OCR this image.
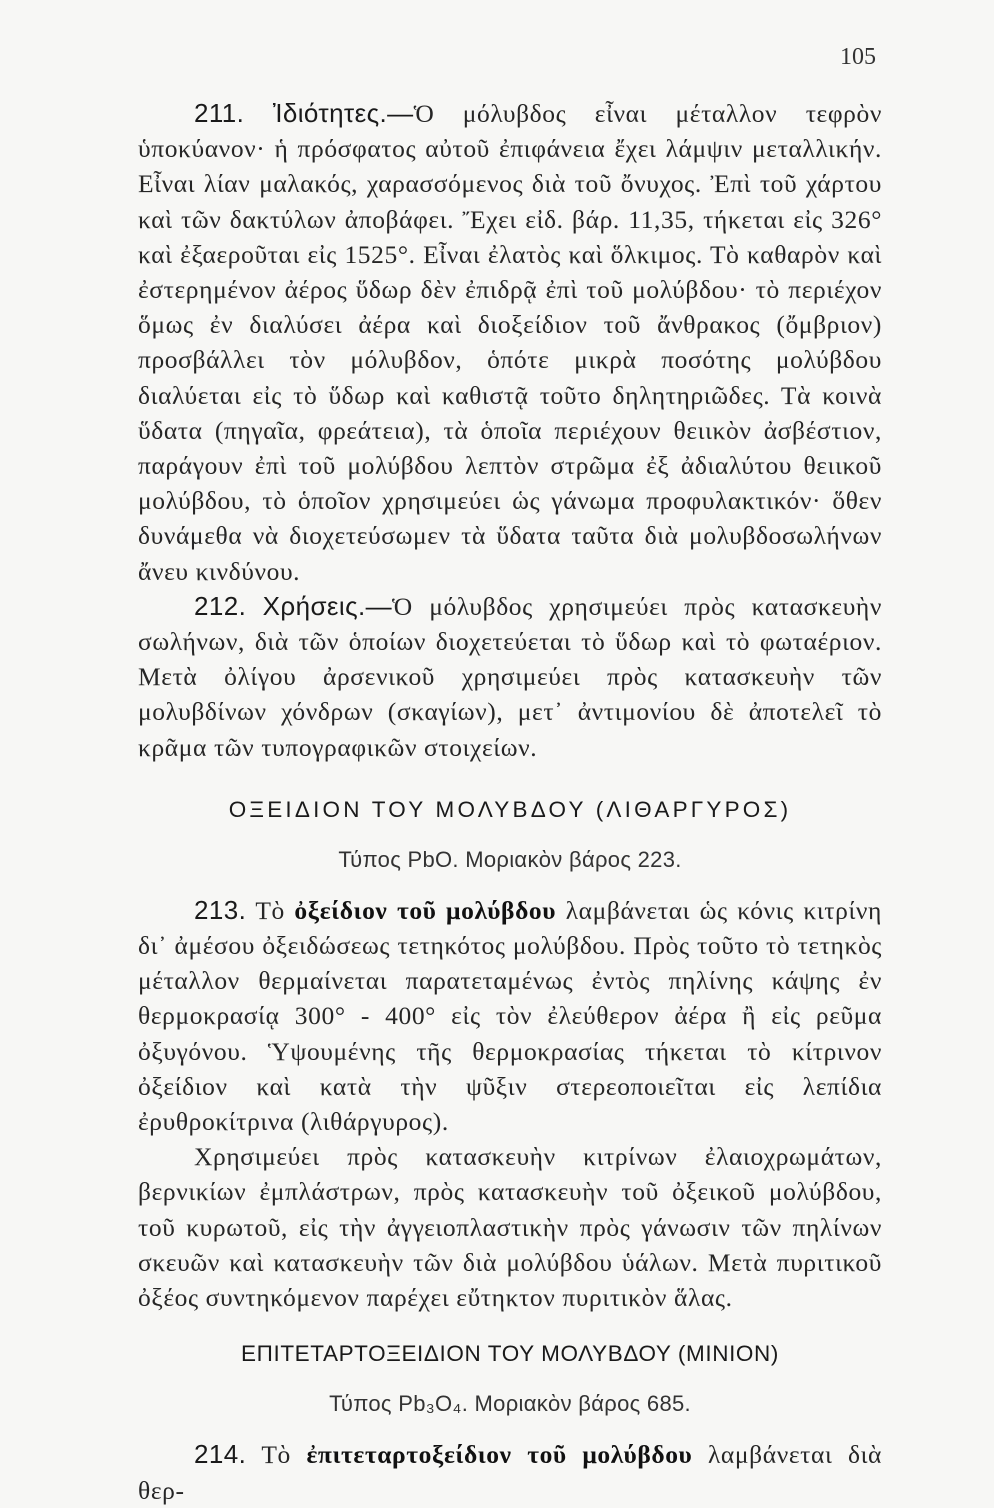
105

211. Ἰδιότητες.—Ὁ μόλυβδος εἶναι μέταλλον τεφρὸν ὑποκύανον· ἡ πρόσφατος αὐτοῦ ἐπιφάνεια ἔχει λάμψιν μεταλλικήν. Εἶναι λίαν μαλακός, χαρασσόμενος διὰ τοῦ ὄνυχος. Ἐπὶ τοῦ χάρτου καὶ τῶν δακτύλων ἀποβάφει. Ἔχει εἰδ. βάρ. 11,35, τήκεται εἰς 326° καὶ ἐξαεροῦται εἰς 1525°. Εἶναι ἐλατὸς καὶ ὅλκιμος. Τὸ καθαρὸν καὶ ἐστερημένον ἀέρος ὕδωρ δὲν ἐπιδρᾷ ἐπὶ τοῦ μολύβδου· τὸ περιέχον ὅμως ἐν διαλύσει ἀέρα καὶ διοξείδιον τοῦ ἄνθρακος (ὄμβριον) προσβάλλει τὸν μόλυβδον, ὁπότε μικρὰ ποσότης μολύβδου διαλύεται εἰς τὸ ὕδωρ καὶ καθιστᾷ τοῦτο δηλητηριῶδες. Τὰ κοινὰ ὕδατα (πηγαῖα, φρεάτεια), τὰ ὁποῖα περιέχουν θειικὸν ἀσβέστιον, παράγουν ἐπὶ τοῦ μολύβδου λεπτὸν στρῶμα ἐξ ἀδιαλύτου θειικοῦ μολύβδου, τὸ ὁποῖον χρησιμεύει ὡς γάνωμα προφυλακτικόν· ὅθεν δυνάμεθα νὰ διοχετεύσωμεν τὰ ὕδατα ταῦτα διὰ μολυβδοσωλήνων ἄνευ κινδύνου.

212. Χρήσεις.—Ὁ μόλυβδος χρησιμεύει πρὸς κατασκευὴν σωλήνων, διὰ τῶν ὁποίων διοχετεύεται τὸ ὕδωρ καὶ τὸ φωταέριον. Μετὰ ὀλίγου ἀρσενικοῦ χρησιμεύει πρὸς κατασκευὴν τῶν μολυβδίνων χόνδρων (σκαγίων), μετ᾽ ἀντιμονίου δὲ ἀποτελεῖ τὸ κρᾶμα τῶν τυπογραφικῶν στοιχείων.

ΟΞΕΙΔΙΟΝ ΤΟΥ ΜΟΛΥΒΔΟΥ (ΛΙΘΑΡΓΥΡΟΣ)
Τύπος PbO. Μοριακὸν βάρος 223.

213. Τὸ ὀξείδιον τοῦ μολύβδου λαμβάνεται ὡς κόνις κιτρίνη δι᾽ ἀμέσου ὀξειδώσεως τετηκότος μολύβδου. Πρὸς τοῦτο τὸ τετηκὸς μέταλλον θερμαίνεται παρατεταμένως ἐντὸς πηλίνης κάψης ἐν θερμοκρασίᾳ 300° - 400° εἰς τὸν ἐλεύθερον ἀέρα ἢ εἰς ρεῦμα ὀξυγόνου. Ὑψουμένης τῆς θερμοκρασίας τήκεται τὸ κίτρινον ὀξείδιον καὶ κατὰ τὴν ψῦξιν στερεοποιεῖται εἰς λεπίδια ἐρυθροκίτρινα (λιθάργυρος).

Χρησιμεύει πρὸς κατασκευὴν κιτρίνων ἐλαιοχρωμάτων, βερνικίων ἐμπλάστρων, πρὸς κατασκευὴν τοῦ ὀξεικοῦ μολύβδου, τοῦ κυρωτοῦ, εἰς τὴν ἀγγειοπλαστικὴν πρὸς γάνωσιν τῶν πηλίνων σκευῶν καὶ κατασκευὴν τῶν διὰ μολύβδου ὑάλων. Μετὰ πυριτικοῦ ὀξέος συντηκόμενον παρέχει εὔτηκτον πυριτικὸν ἅλας.

ΕΠΙΤΕΤΑΡΤΟΞΕΙΔΙΟΝ ΤΟΥ ΜΟΛΥΒΔΟΥ (ΜΙΝΙΟΝ)
Τύπος Pb₃O₄. Μοριακὸν βάρος 685.

214. Τὸ ἐπιτεταρτοξείδιον τοῦ μολύβδου λαμβάνεται διὰ θερ-
